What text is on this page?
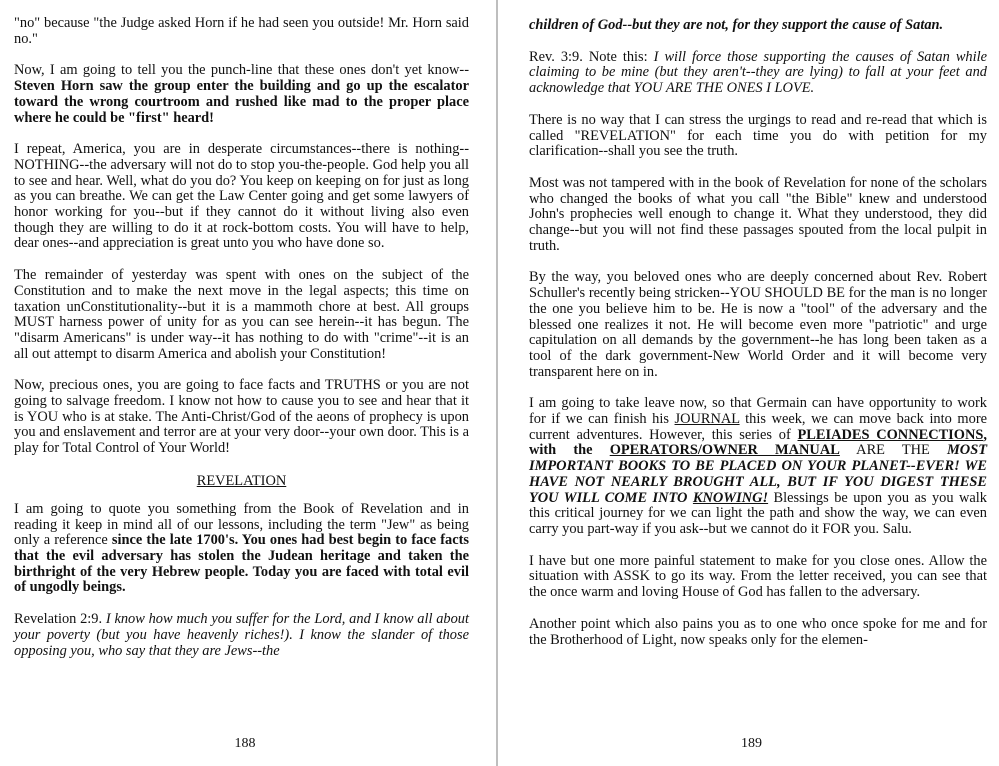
"no" because "the Judge asked Horn if he had seen you outside! Mr. Horn said no."

Now, I am going to tell you the punch-line that these ones don't yet know--Steven Horn saw the group enter the building and go up the escalator toward the wrong courtroom and rushed like mad to the proper place where he could be "first" heard!

I repeat, America, you are in desperate circumstances--there is nothing--NOTHING--the adversary will not do to stop you-the-people. God help you all to see and hear. Well, what do you do? You keep on keeping on for just as long as you can breathe. We can get the Law Center going and get some lawyers of honor working for you--but if they cannot do it without living also even though they are willing to do it at rock-bottom costs. You will have to help, dear ones--and appreciation is great unto you who have done so.

The remainder of yesterday was spent with ones on the subject of the Constitution and to make the next move in the legal aspects; this time on taxation unConstitutionality--but it is a mammoth chore at best. All groups MUST harness power of unity for as you can see herein--it has begun. The "disarm Americans" is under way--it has nothing to do with "crime"--it is an all out attempt to disarm America and abolish your Constitution!

Now, precious ones, you are going to face facts and TRUTHS or you are not going to salvage freedom. I know not how to cause you to see and hear that it is YOU who is at stake. The Anti-Christ/God of the aeons of prophecy is upon you and enslavement and terror are at your very door--your own door. This is a play for Total Control of Your World!

REVELATION

I am going to quote you something from the Book of Revelation and in reading it keep in mind all of our lessons, including the term "Jew" as being only a reference since the late 1700's. You ones had best begin to face facts that the evil adversary has stolen the Judean heritage and taken the birthright of the very Hebrew people. Today you are faced with total evil of ungodly beings.

Revelation 2:9. I know how much you suffer for the Lord, and I know all about your poverty (but you have heavenly riches!). I know the slander of those opposing you, who say that they are Jews--the

188

children of God--but they are not, for they support the cause of Satan.

Rev. 3:9. Note this: I will force those supporting the causes of Satan while claiming to be mine (but they aren't--they are lying) to fall at your feet and acknowledge that YOU ARE THE ONES I LOVE.

There is no way that I can stress the urgings to read and re-read that which is called "REVELATION" for each time you do with petition for my clarification--shall you see the truth.

Most was not tampered with in the book of Revelation for none of the scholars who changed the books of what you call "the Bible" knew and understood John's prophecies well enough to change it. What they understood, they did change--but you will not find these passages spouted from the local pulpit in truth.

By the way, you beloved ones who are deeply concerned about Rev. Robert Schuller's recently being stricken--YOU SHOULD BE for the man is no longer the one you believe him to be. He is now a "tool" of the adversary and the blessed one realizes it not. He will become even more "patriotic" and urge capitulation on all demands by the government--he has long been taken as a tool of the dark government-New World Order and it will become very transparent here on in.

I am going to take leave now, so that Germain can have opportunity to work for if we can finish his JOURNAL this week, we can move back into more current adventures. However, this series of PLEIADES CONNECTIONS, with the OPERATORS/OWNER MANUAL ARE THE MOST IMPORTANT BOOKS TO BE PLACED ON YOUR PLANET--EVER! WE HAVE NOT NEARLY BROUGHT ALL, BUT IF YOU DIGEST THESE YOU WILL COME INTO KNOWING! Blessings be upon you as you walk this critical journey for we can light the path and show the way, we can even carry you part-way if you ask--but we cannot do it FOR you. Salu.

I have but one more painful statement to make for you close ones. Allow the situation with ASSK to go its way. From the letter received, you can see that the once warm and loving House of God has fallen to the adversary.

Another point which also pains you as to one who once spoke for me and for the Brotherhood of Light, now speaks only for the elemen-

189
